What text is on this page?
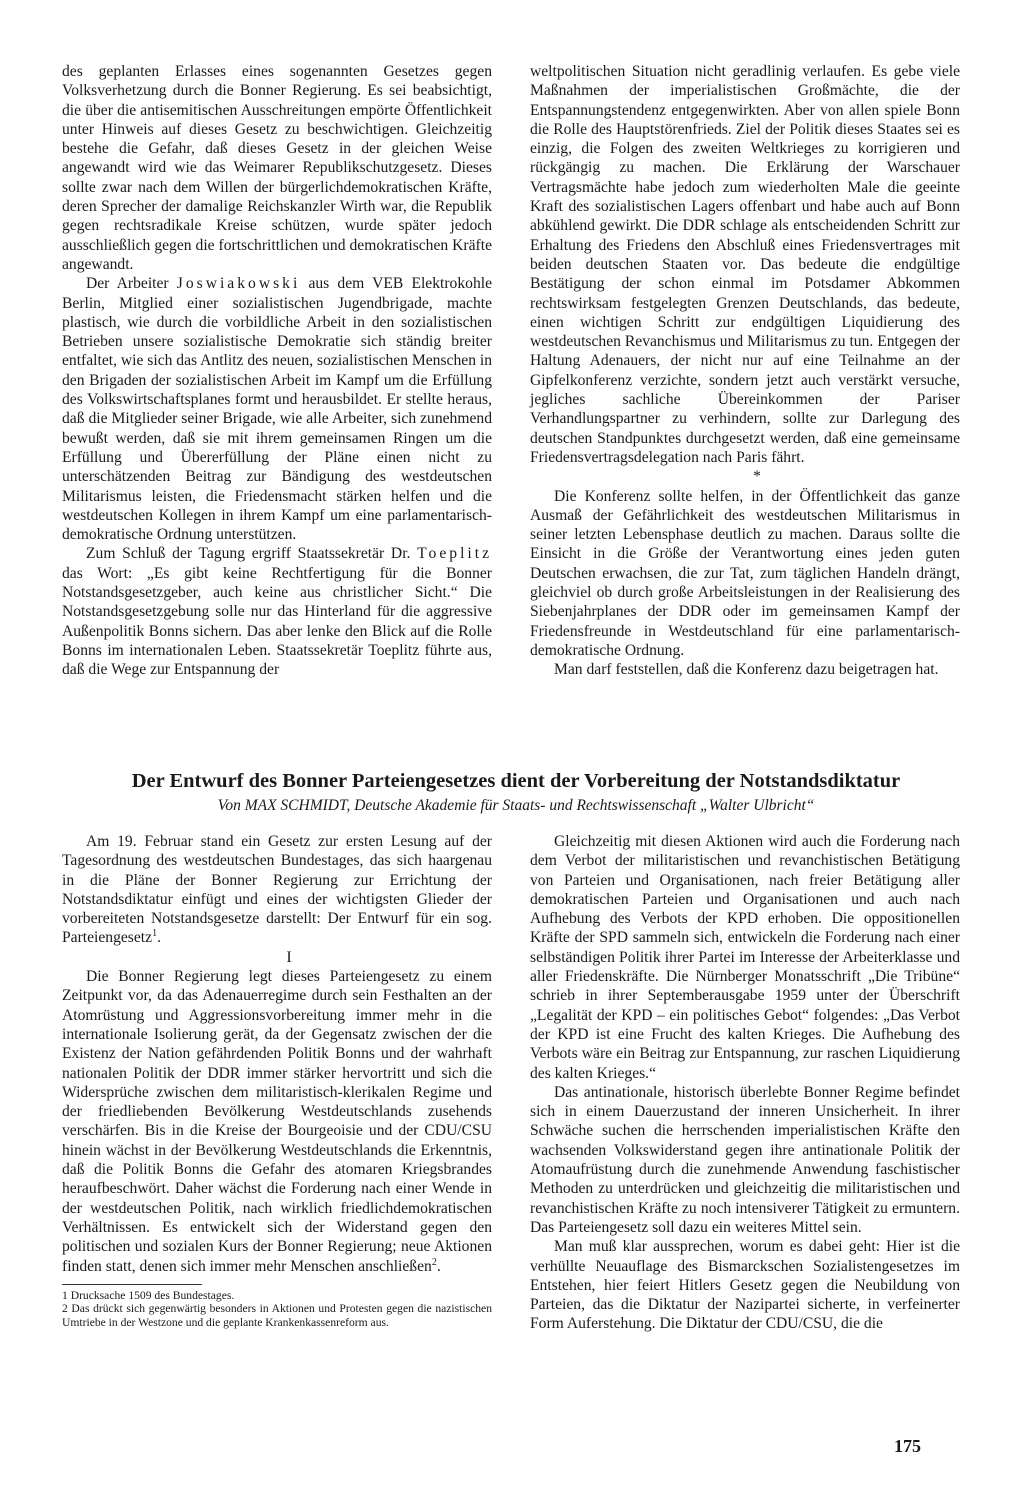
des geplanten Erlasses eines sogenannten Gesetzes gegen Volksverhetzung durch die Bonner Regierung. Es sei beabsichtigt, die über die antisemitischen Ausschreitungen empörte Öffentlichkeit unter Hinweis auf dieses Gesetz zu beschwichtigen. Gleichzeitig bestehe die Gefahr, daß dieses Gesetz in der gleichen Weise angewandt wird wie das Weimarer Republikschutzgesetz. Dieses sollte zwar nach dem Willen der bürgerlichdemokratischen Kräfte, deren Sprecher der damalige Reichskanzler Wirth war, die Republik gegen rechtsradikale Kreise schützen, wurde später jedoch ausschließlich gegen die fortschrittlichen und demokratischen Kräfte angewandt.

Der Arbeiter Joswiakowski aus dem VEB Elektrokohle Berlin, Mitglied einer sozialistischen Jugendbrigade, machte plastisch, wie durch die vorbildliche Arbeit in den sozialistischen Betrieben unsere sozialistische Demokratie sich ständig breiter entfaltet, wie sich das Antlitz des neuen, sozialistischen Menschen in den Brigaden der sozialistischen Arbeit im Kampf um die Erfüllung des Volkswirtschaftsplanes formt und herausbildet. Er stellte heraus, daß die Mitglieder seiner Brigade, wie alle Arbeiter, sich zunehmend bewußt werden, daß sie mit ihrem gemeinsamen Ringen um die Erfüllung und Übererfüllung der Pläne einen nicht zu unterschätzenden Beitrag zur Bändigung des westdeutschen Militarismus leisten, die Friedensmacht stärken helfen und die westdeutschen Kollegen in ihrem Kampf um eine parlamentarisch-demokratische Ordnung unterstützen.

Zum Schluß der Tagung ergriff Staatssekretär Dr. Toeplitz das Wort: „Es gibt keine Rechtfertigung für die Bonner Notstandsgesetzgeber, auch keine aus christlicher Sicht.“ Die Notstandsgesetzgebung solle nur das Hinterland für die aggressive Außenpolitik Bonns sichern. Das aber lenke den Blick auf die Rolle Bonns im internationalen Leben. Staatssekretär Toeplitz führte aus, daß die Wege zur Entspannung der

weltpolitischen Situation nicht geradlinig verlaufen. Es gebe viele Maßnahmen der imperialistischen Großmächte, die der Entspannungstendenz entgegenwirkten. Aber von allen spiele Bonn die Rolle des Hauptstörenfrieds. Ziel der Politik dieses Staates sei es einzig, die Folgen des zweiten Weltkrieges zu korrigieren und rückgängig zu machen. Die Erklärung der Warschauer Vertragsmächte habe jedoch zum wiederholten Male die geeinte Kraft des sozialistischen Lagers offenbart und habe auch auf Bonn abkühlend gewirkt. Die DDR schlage als entscheidenden Schritt zur Erhaltung des Friedens den Abschluß eines Friedensvertrages mit beiden deutschen Staaten vor. Das bedeute die endgültige Bestätigung der schon einmal im Potsdamer Abkommen rechtswirksam festgelegten Grenzen Deutschlands, das bedeute, einen wichtigen Schritt zur endgültigen Liquidierung des westdeutschen Revanchismus und Militarismus zu tun. Entgegen der Haltung Adenauers, der nicht nur auf eine Teilnahme an der Gipfelkonferenz verzichte, sondern jetzt auch verstärkt versuche, jegliches sachliche Übereinkommen der Pariser Verhandlungspartner zu verhindern, sollte zur Darlegung des deutschen Standpunktes durchgesetzt werden, daß eine gemeinsame Friedensvertragsdelegation nach Paris fährt.

*

Die Konferenz sollte helfen, in der Öffentlichkeit das ganze Ausmaß der Gefährlichkeit des westdeutschen Militarismus in seiner letzten Lebensphase deutlich zu machen. Daraus sollte die Einsicht in die Größe der Verantwortung eines jeden guten Deutschen erwachsen, die zur Tat, zum täglichen Handeln drängt, gleichviel ob durch große Arbeitsleistungen in der Realisierung des Siebenjahrplanes der DDR oder im gemeinsamen Kampf der Friedensfreunde in Westdeutschland für eine parlamentarisch-demokratische Ordnung.

Man darf feststellen, daß die Konferenz dazu beigetragen hat.

Der Entwurf des Bonner Parteiengesetzes dient der Vorbereitung der Notstandsdiktatur
Von MAX SCHMIDT, Deutsche Akademie für Staats- und Rechtswissenschaft „Walter Ulbricht“

Am 19. Februar stand ein Gesetz zur ersten Lesung auf der Tagesordnung des westdeutschen Bundestages, das sich haargenau in die Pläne der Bonner Regierung zur Errichtung der Notstandsdiktatur einfügt und eines der wichtigsten Glieder der vorbereiteten Notstandsgesetze darstellt: Der Entwurf für ein sog. Parteiengesetz$^1$.

I

Die Bonner Regierung legt dieses Parteiengesetz zu einem Zeitpunkt vor, da das Adenauerregime durch sein Festhalten an der Atomrüstung und Aggressionsvorbereitung immer mehr in die internationale Isolierung gerät, da der Gegensatz zwischen der die Existenz der Nation gefährdenden Politik Bonns und der wahrhaft nationalen Politik der DDR immer stärker hervortritt und sich die Widersprüche zwischen dem militaristisch-klerikalen Regime und der friedliebenden Bevölkerung Westdeutschlands zusehends verschärfen. Bis in die Kreise der Bourgeoisie und der CDU/CSU hinein wächst in der Bevölkerung Westdeutschlands die Erkenntnis, daß die Politik Bonns die Gefahr des atomaren Kriegsbrandes heraufbeschwört. Daher wächst die Forderung nach einer Wende in der westdeutschen Politik, nach wirklich friedlichdemokratischen Verhältnissen. Es entwickelt sich der Widerstand gegen den politischen und sozialen Kurs der Bonner Regierung; neue Aktionen finden statt, denen sich immer mehr Menschen anschließen$^2$.

1 Drucksache 1509 des Bundestages.

2 Das drückt sich gegenwärtig besonders in Aktionen und Protesten gegen die nazistischen Umtriebe in der Westzone und die geplante Krankenkassenreform aus.

Gleichzeitig mit diesen Aktionen wird auch die Forderung nach dem Verbot der militaristischen und revanchistischen Betätigung von Parteien und Organisationen, nach freier Betätigung aller demokratischen Parteien und Organisationen und auch nach Aufhebung des Verbots der KPD erhoben. Die oppositionellen Kräfte der SPD sammeln sich, entwickeln die Forderung nach einer selbständigen Politik ihrer Partei im Interesse der Arbeiterklasse und aller Friedenskräfte. Die Nürnberger Monatsschrift „Die Tribüne“ schrieb in ihrer Septemberausgabe 1959 unter der Überschrift „Legalität der KPD – ein politisches Gebot“ folgendes: „Das Verbot der KPD ist eine Frucht des kalten Krieges. Die Aufhebung des Verbots wäre ein Beitrag zur Entspannung, zur raschen Liquidierung des kalten Krieges.“

Das antinationale, historisch überlebte Bonner Regime befindet sich in einem Dauerzustand der inneren Unsicherheit. In ihrer Schwäche suchen die herrschenden imperialistischen Kräfte den wachsenden Volkswiderstand gegen ihre antinationale Politik der Atomaufrüstung durch die zunehmende Anwendung faschistischer Methoden zu unterdrücken und gleichzeitig die militaristischen und revanchistischen Kräfte zu noch intensiverer Tätigkeit zu ermuntern. Das Parteiengesetz soll dazu ein weiteres Mittel sein.

Man muß klar aussprechen, worum es dabei geht: Hier ist die verhüllte Neuauflage des Bismarckschen Sozialistengesetzes im Entstehen, hier feiert Hitlers Gesetz gegen die Neubildung von Parteien, das die Diktatur der Nazipartei sicherte, in verfeinerter Form Auferstehung. Die Diktatur der CDU/CSU, die die

175
